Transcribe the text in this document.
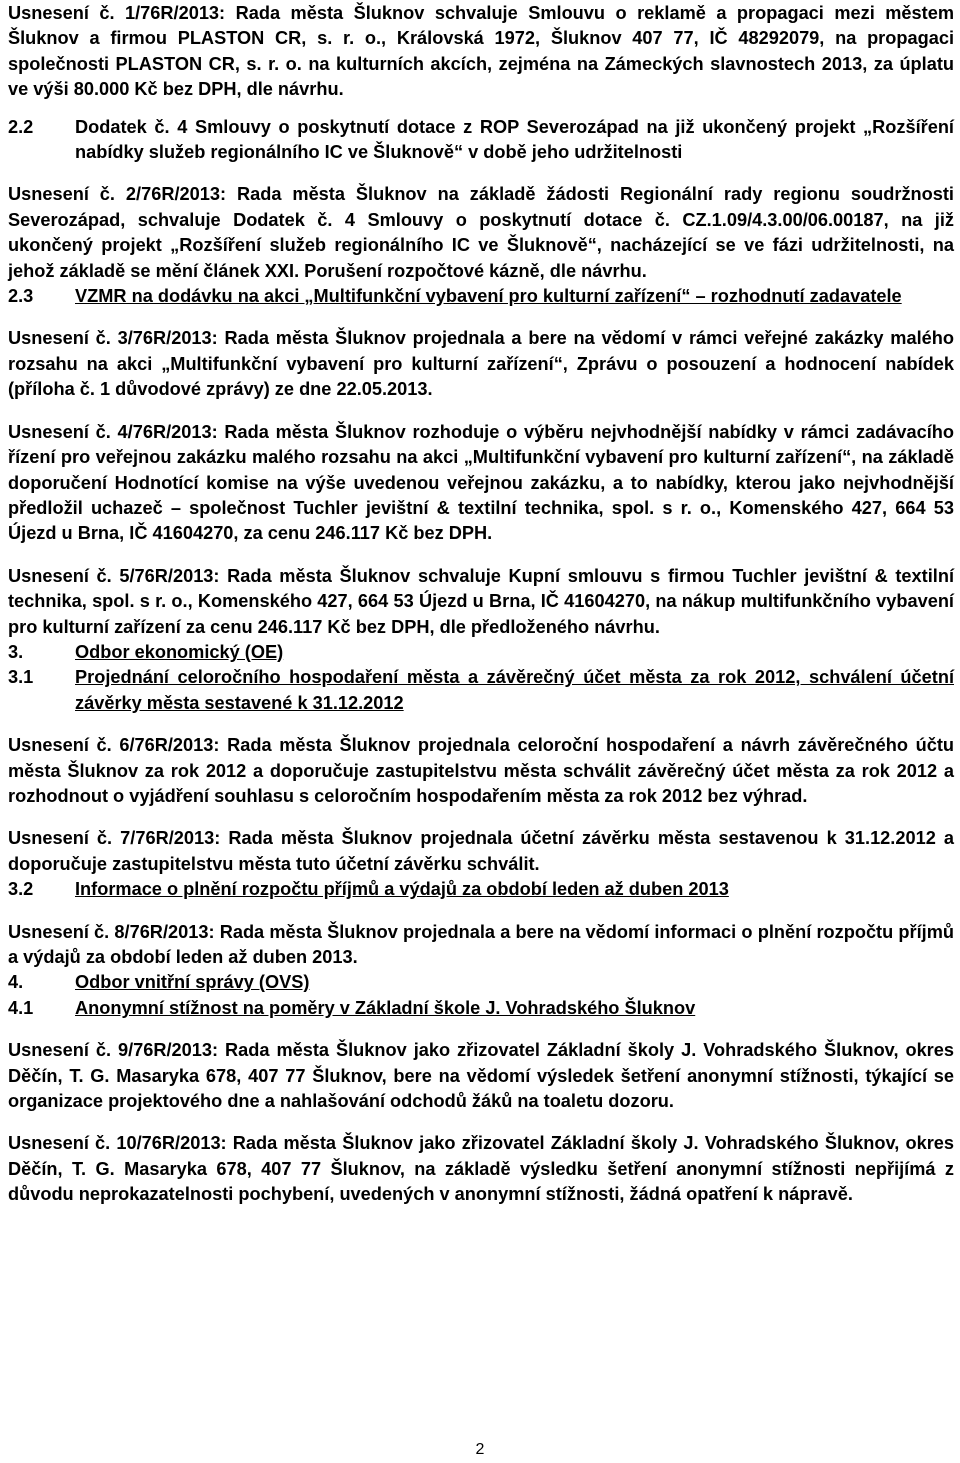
Usnesení č. 1/76R/2013: Rada města Šluknov schvaluje Smlouvu o reklamě a propagaci mezi městem Šluknov a firmou PLASTON CR, s. r. o., Královská 1972, Šluknov 407 77, IČ 48292079, na propagaci společnosti PLASTON CR, s. r. o. na kulturních akcích, zejména na Zámeckých slavnostech 2013, za úplatu ve výši 80.000 Kč bez DPH, dle návrhu.

2.2	Dodatek č. 4 Smlouvy o poskytnutí dotace z ROP Severozápad na již ukončený projekt „Rozšíření nabídky služeb regionálního IC ve Šluknově“ v době jeho udržitelnosti

Usnesení č. 2/76R/2013: Rada města Šluknov na základě žádosti Regionální rady regionu soudržnosti Severozápad, schvaluje Dodatek č. 4 Smlouvy o poskytnutí dotace č. CZ.1.09/4.3.00/06.00187, na již ukončený projekt „Rozšíření služeb regionálního IC ve Šluknově“, nacházející se ve fázi udržitelnosti, na jehož základě se mění článek XXI. Porušení rozpočtové kázně, dle návrhu.

2.3	VZMR na dodávku na akci „Multifunkční vybavení pro kulturní zařízení“ – rozhodnutí zadavatele

Usnesení č. 3/76R/2013: Rada města Šluknov projednala a bere na vědomí v rámci veřejné zakázky malého rozsahu na akci „Multifunkční vybavení pro kulturní zařízení“, Zprávu o posouzení a hodnocení nabídek (příloha č. 1 důvodové zprávy) ze dne 22.05.2013.

Usnesení č. 4/76R/2013: Rada města Šluknov rozhoduje o výběru nejvhodnější nabídky v rámci zadávacího řízení pro veřejnou zakázku malého rozsahu na akci „Multifunkční vybavení pro kulturní zařízení“, na základě doporučení Hodnotící komise na výše uvedenou veřejnou zakázku, a to nabídky, kterou jako nejvhodnější předložil uchazeč – společnost Tuchler jevištní & textilní technika, spol. s r. o., Komenského 427, 664 53 Újezd u Brna, IČ 41604270, za cenu 246.117 Kč bez DPH.

Usnesení č. 5/76R/2013: Rada města Šluknov schvaluje Kupní smlouvu s firmou Tuchler jevištní & textilní technika, spol. s r. o., Komenského 427, 664 53 Újezd u Brna, IČ 41604270, na nákup multifunkčního vybavení pro kulturní zařízení za cenu 246.117 Kč bez DPH, dle předloženého návrhu.

3.	Odbor ekonomický (OE)
3.1	Projednání celoročního hospodaření města a závěrečný účet města za rok 2012, schválení účetní závěrky města sestavené k 31.12.2012

Usnesení č. 6/76R/2013: Rada města Šluknov projednala celoroční hospodaření a návrh závěrečného účtu města Šluknov za rok 2012 a doporučuje zastupitelstvu města schválit závěrečný účet města za rok 2012 a rozhodnout o vyjádření souhlasu s celoročním hospodařením města za rok 2012 bez výhrad.

Usnesení č. 7/76R/2013: Rada města Šluknov projednala účetní závěrku města sestavenou k 31.12.2012 a doporučuje zastupitelstvu města tuto účetní závěrku schválit.

3.2	Informace o plnění rozpočtu příjmů a výdajů za období leden až duben 2013

Usnesení č. 8/76R/2013: Rada města Šluknov projednala a bere na vědomí informaci o plnění rozpočtu příjmů a výdajů za období leden až duben 2013.

4.	Odbor vnitřní správy (OVS)
4.1	Anonymní stížnost na poměry v Základní škole J. Vohradského Šluknov

Usnesení č. 9/76R/2013: Rada města Šluknov jako zřizovatel Základní školy J. Vohradského Šluknov, okres Děčín, T. G. Masaryka 678, 407 77 Šluknov, bere na vědomí výsledek šetření anonymní stížnosti, týkající se organizace projektového dne a nahlašování odchodů žáků na toaletu dozoru.

Usnesení č. 10/76R/2013: Rada města Šluknov jako zřizovatel Základní školy J. Vohradského Šluknov, okres Děčín, T. G. Masaryka 678, 407 77 Šluknov, na základě výsledku šetření anonymní stížnosti nepřijímá z důvodu neprokazatelnosti pochybení, uvedených v anonymní stížnosti, žádná opatření k nápravě.

2
